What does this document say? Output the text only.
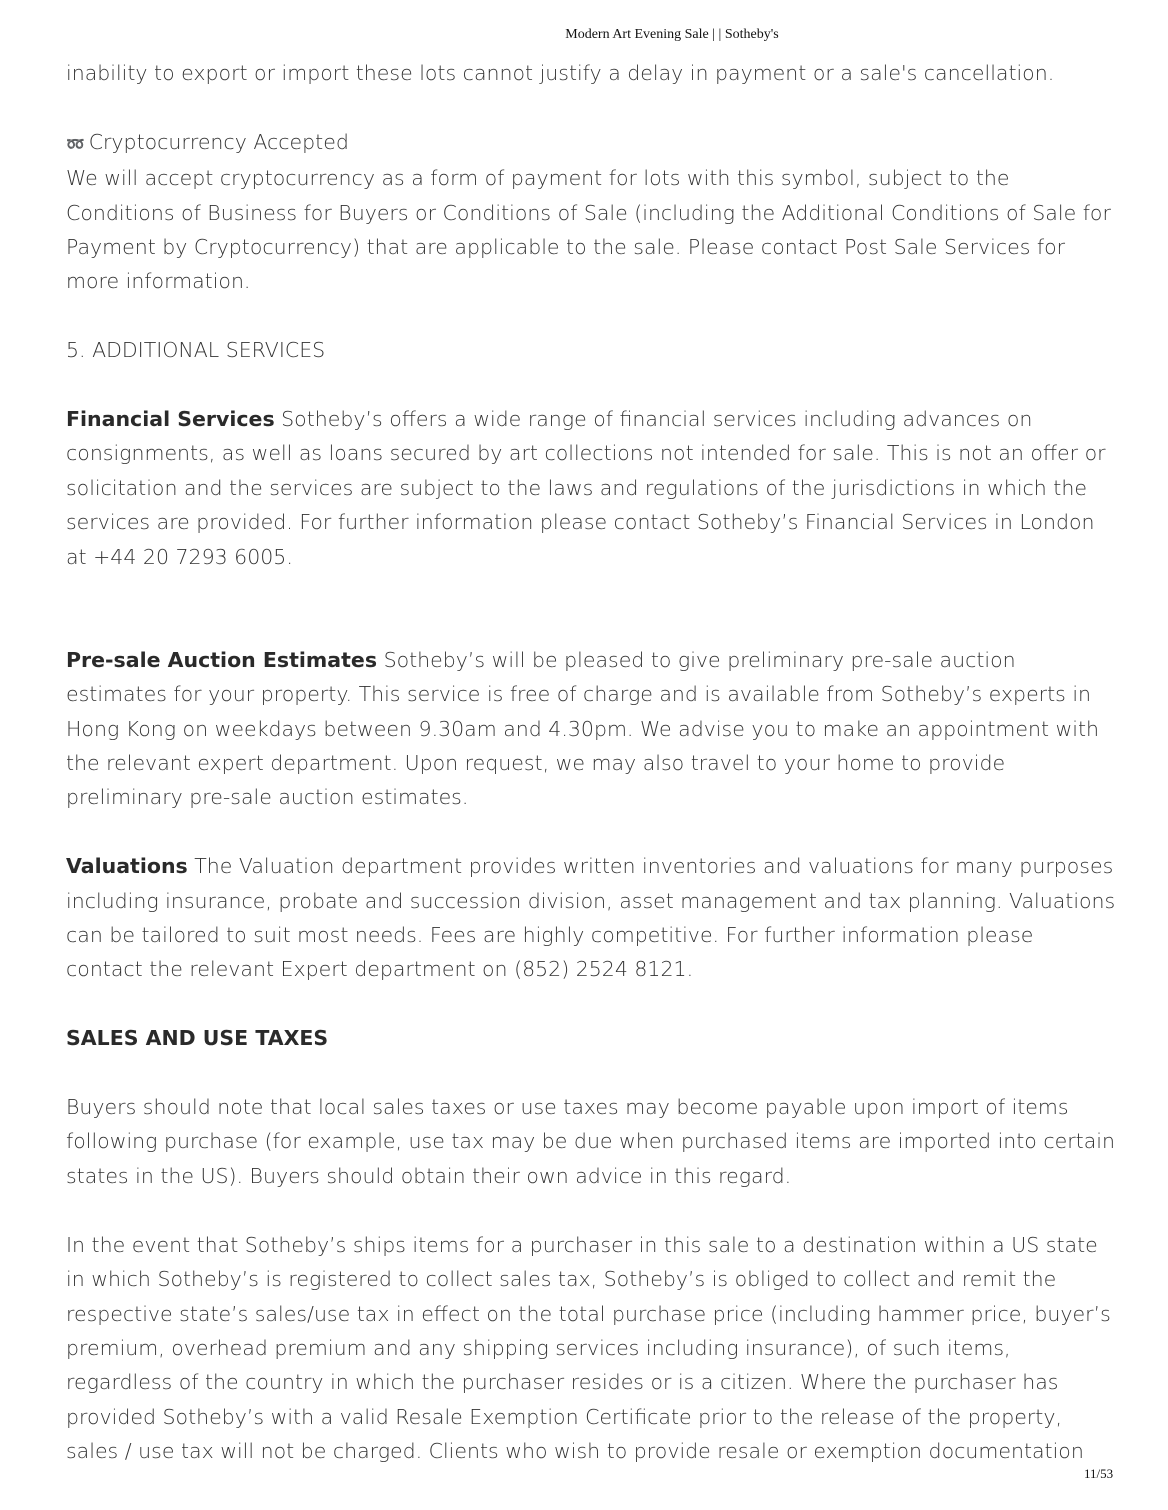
Modern Art Evening Sale | | Sotheby's

inability to export or import these lots cannot justify a delay in payment or a sale's cancellation.

➿ Cryptocurrency Accepted

We will accept cryptocurrency as a form of payment for lots with this symbol, subject to the Conditions of Business for Buyers or Conditions of Sale (including the Additional Conditions of Sale for Payment by Cryptocurrency) that are applicable to the sale. Please contact Post Sale Services for more information.

5. ADDITIONAL SERVICES

Financial Services Sotheby’s offers a wide range of financial services including advances on consignments, as well as loans secured by art collections not intended for sale. This is not an offer or solicitation and the services are subject to the laws and regulations of the jurisdictions in which the services are provided. For further information please contact Sotheby’s Financial Services in London at +44 20 7293 6005.

Pre-sale Auction Estimates Sotheby’s will be pleased to give preliminary pre-sale auction estimates for your property. This service is free of charge and is available from Sotheby’s experts in Hong Kong on weekdays between 9.30am and 4.30pm. We advise you to make an appointment with the relevant expert department. Upon request, we may also travel to your home to provide preliminary pre-sale auction estimates.

Valuations The Valuation department provides written inventories and valuations for many purposes including insurance, probate and succession division, asset management and tax planning. Valuations can be tailored to suit most needs. Fees are highly competitive. For further information please contact the relevant Expert department on (852) 2524 8121.

SALES AND USE TAXES

Buyers should note that local sales taxes or use taxes may become payable upon import of items following purchase (for example, use tax may be due when purchased items are imported into certain states in the US). Buyers should obtain their own advice in this regard.

In the event that Sotheby’s ships items for a purchaser in this sale to a destination within a US state in which Sotheby’s is registered to collect sales tax, Sotheby’s is obliged to collect and remit the respective state’s sales/use tax in effect on the total purchase price (including hammer price, buyer’s premium, overhead premium and any shipping services including insurance), of such items, regardless of the country in which the purchaser resides or is a citizen. Where the purchaser has provided Sotheby’s with a valid Resale Exemption Certificate prior to the release of the property, sales / use tax will not be charged. Clients who wish to provide resale or exemption documentation

11/53
